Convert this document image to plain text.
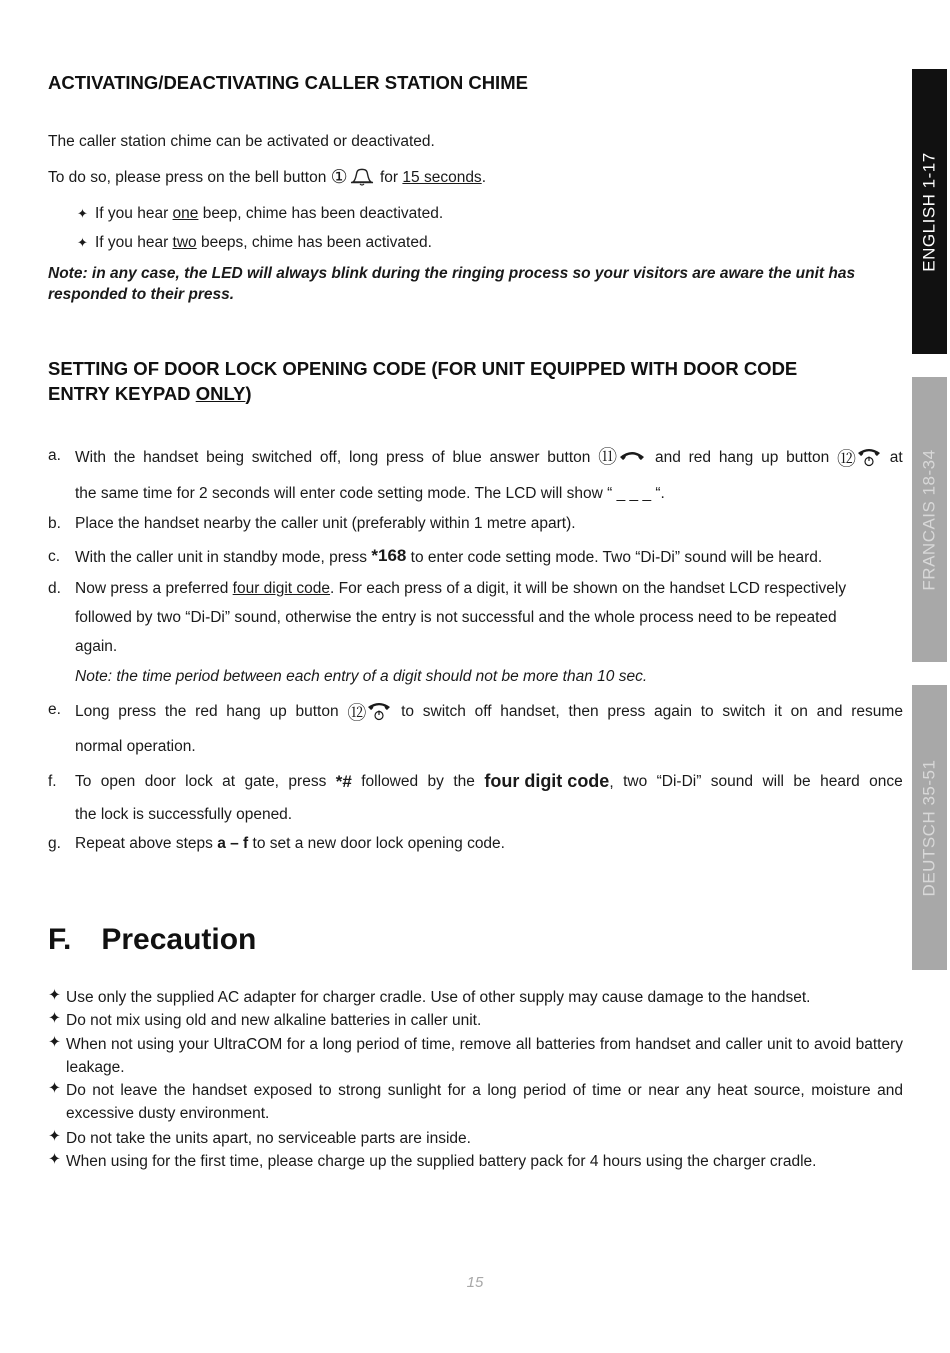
ENGLISH 1-17
FRANCAIS 18-34
DEUTSCH 35-51
ACTIVATING/DEACTIVATING CALLER STATION CHIME
The caller station chime can be activated or deactivated.
To do so, please press on the bell button ① for 15 seconds.
✦ If you hear one beep, chime has been deactivated.
✦ If you hear two beeps, chime has been activated.
Note: in any case, the LED will always blink during the ringing process so your visitors are aware the unit has
responded to their press.
SETTING OF DOOR LOCK OPENING CODE (FOR UNIT EQUIPPED WITH DOOR CODE
ENTRY KEYPAD ONLY)
a. With the handset being switched off, long press of blue answer button ⑪	and red hang up button ⑫	at
the same time for 2 seconds will enter code setting mode. The LCD will show “ _ _ _ “.
b. Place the handset nearby the caller unit (preferably within 1 metre apart).
c. With the caller unit in standby mode, press *168 to enter code setting mode. Two “Di-Di” sound will be heard.
d. Now press a preferred four digit code. For each press of a digit, it will be shown on the handset LCD respectively
followed by two “Di-Di” sound, otherwise the entry is not successful and the whole process need to be repeated
again.
Note: the time period between each entry of a digit should not be more than 10 sec.
e. Long press the red hang up button ⑫	to switch off handset, then press again to switch it on and resume
normal operation.
f. To open door lock at gate, press *# followed by the four digit code, two “Di-Di” sound will be heard once
the lock is successfully opened.
g. Repeat above steps a – f to set a new door lock opening code.
F. Precaution
✦ Use only the supplied AC adapter for charger cradle. Use of other supply may cause damage to the handset.
✦ Do not mix using old and new alkaline batteries in caller unit.
✦ When not using your UltraCOM for a long period of time, remove all batteries from handset and caller unit to avoid battery leakage.
✦ Do not leave the handset exposed to strong sunlight for a long period of time or near any heat source, moisture and excessive dusty environment.
✦ Do not take the units apart, no serviceable parts are inside.
✦ When using for the first time, please charge up the supplied battery pack for 4 hours using the charger cradle.
15
